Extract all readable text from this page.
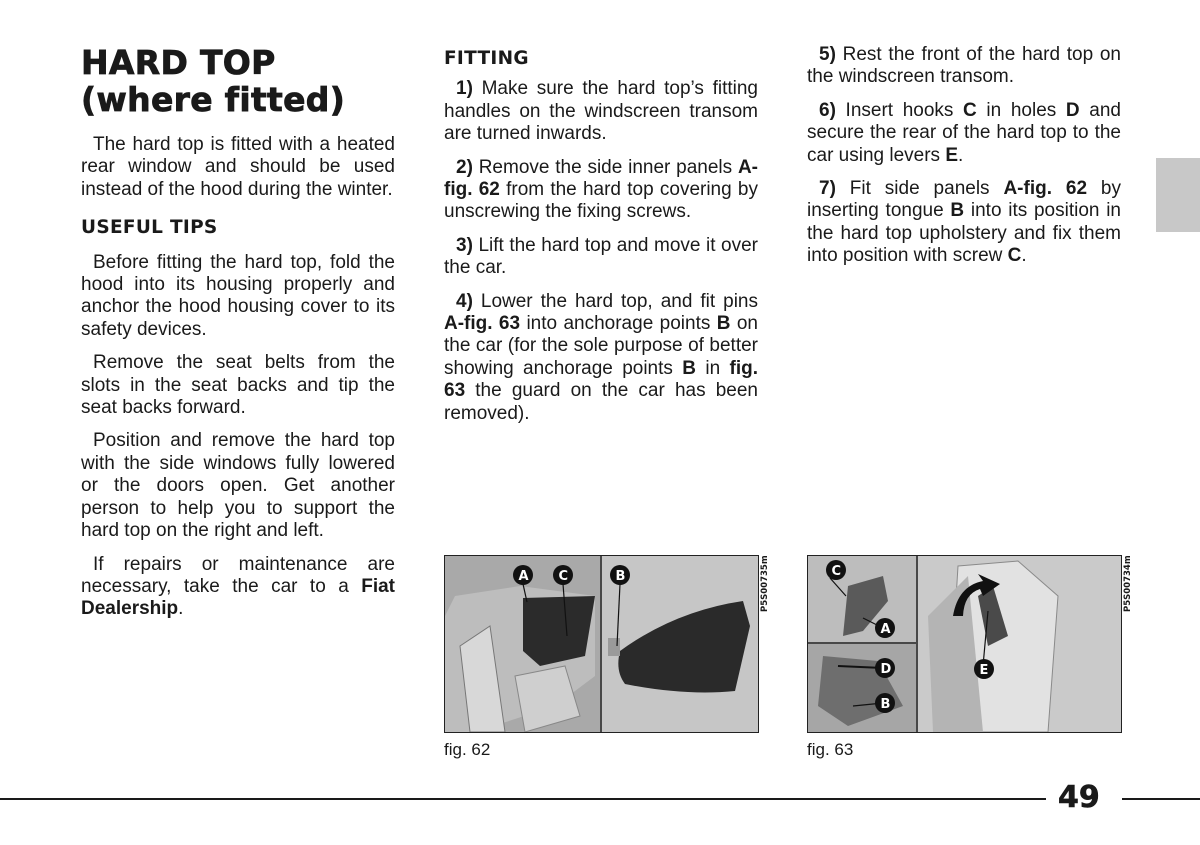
HARD TOP
(where fitted)

The hard top is fitted with a heated rear window and should be used instead of the hood during the winter.

USEFUL TIPS

Before fitting the hard top, fold the hood into its housing properly and anchor the hood housing cover to its safety devices.

Remove the seat belts from the slots in the seat backs and tip the seat backs forward.

Position and remove the hard top with the side windows fully lowered or the doors open. Get another person to help you to support the hard top on the right and left.

If repairs or maintenance are necessary, take the car to a Fiat Dealership.

FITTING

1) Make sure the hard top’s fitting handles on the windscreen transom are turned inwards.

2) Remove the side inner panels A-fig. 62 from the hard top covering by unscrewing the fixing screws.

3) Lift the hard top and move it over the car.

4) Lower the hard top, and fit pins A-fig. 63 into anchorage points B on the car (for the sole purpose of better showing anchorage points B in fig. 63 the guard on the car has been removed).

5) Rest the front of the hard top on the windscreen transom.

6) Insert hooks C in holes D and secure the rear of the hard top to the car using levers E.

7) Fit side panels A-fig. 62 by inserting tongue B into its position in the hard top upholstery and fix them into position with screw C.

A C	B	P5S00735m
fig. 62
C
A
D
B
E
P5S00734m
fig. 63
49
